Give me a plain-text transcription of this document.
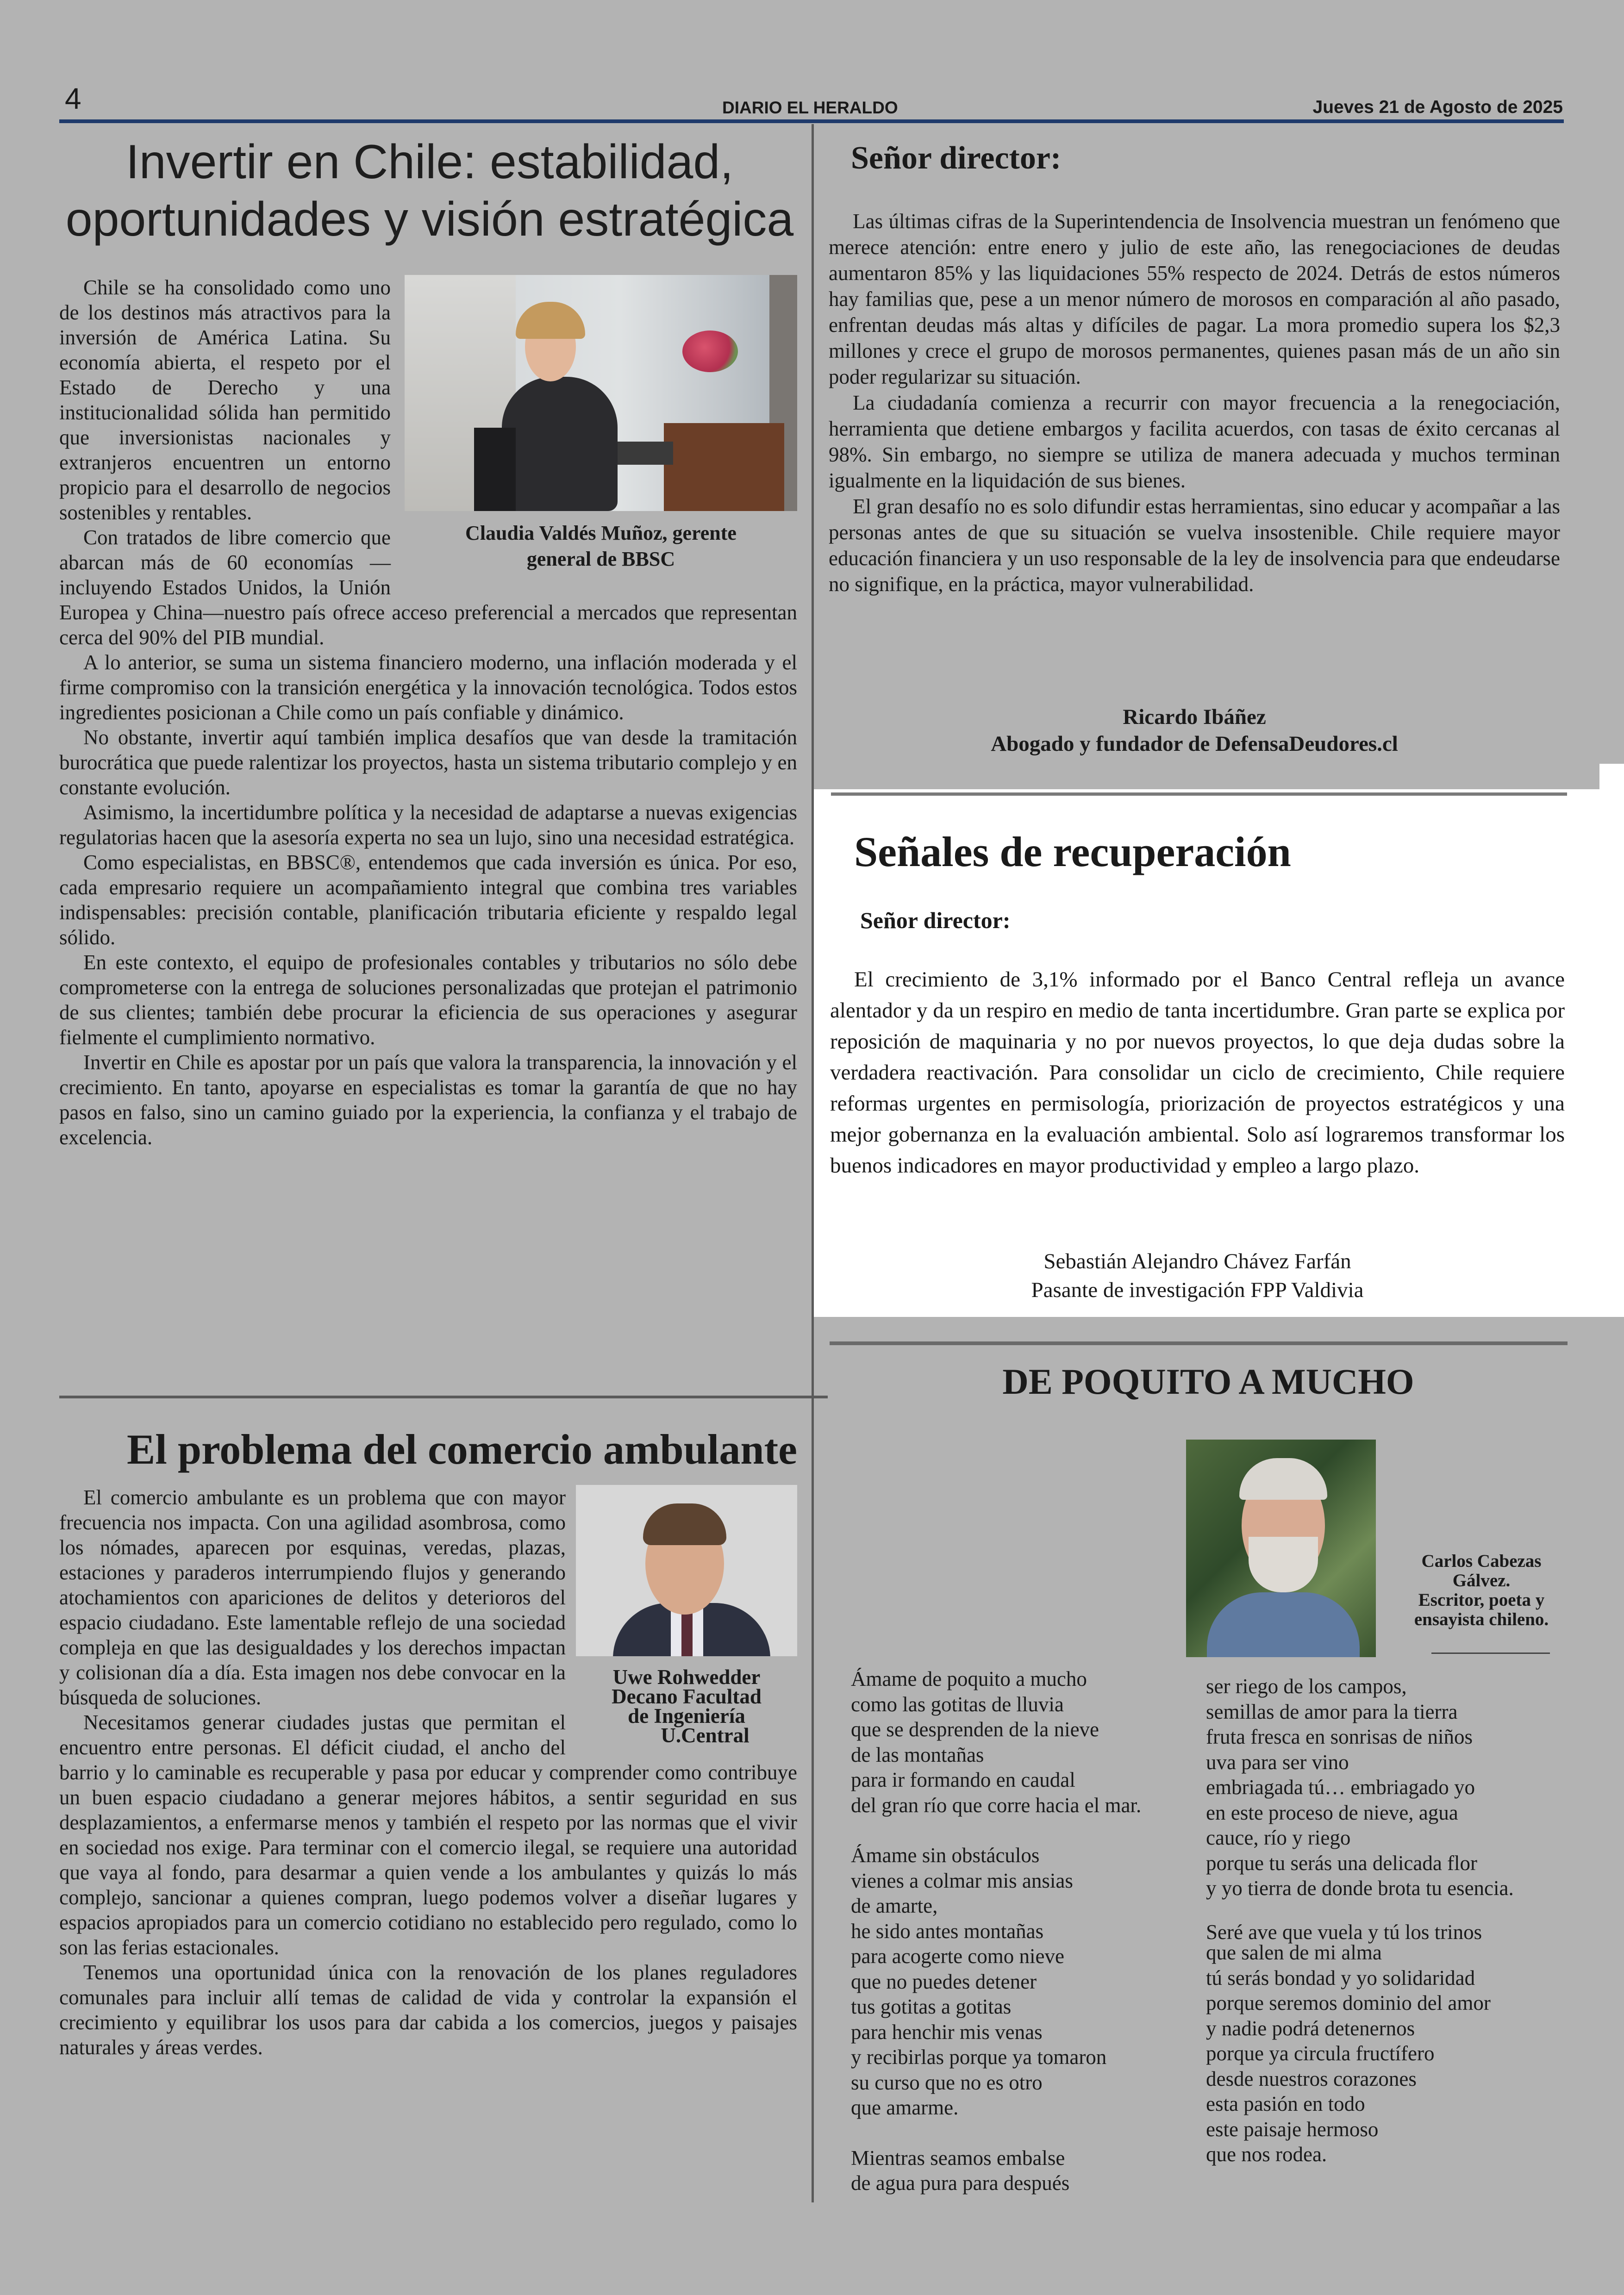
4	DIARIO EL HERALDO	Jueves 21 de Agosto de 2025
Invertir en Chile: estabilidad,
oportunidades y visión estratégica
Claudia Valdés Muñoz, gerente
general de BBSC

Chile se ha consolidado como uno de los destinos más atractivos para la inversión de América Latina. Su economía abierta, el respeto por el Estado de Derecho y una institucionalidad sólida han permitido que inversionistas nacionales y extranjeros encuentren un entorno propicio para el desarrollo de negocios sostenibles y rentables.

Con tratados de libre comercio que abarcan más de 60 economías —incluyendo Estados Unidos, la Unión Europea y China—nuestro país ofrece acceso preferencial a mercados que representan cerca del 90% del PIB mundial.

A lo anterior, se suma un sistema financiero moderno, una inflación moderada y el firme compromiso con la transición energética y la innovación tecnológica. Todos estos ingredientes posicionan a Chile como un país confiable y dinámico.

No obstante, invertir aquí también implica desafíos que van desde la tramitación burocrática que puede ralentizar los proyectos, hasta un sistema tributario complejo y en constante evolución.

Asimismo, la incertidumbre política y la necesidad de adaptarse a nuevas exigencias regulatorias hacen que la asesoría experta no sea un lujo, sino una necesidad estratégica.

Como especialistas, en BBSC®, entendemos que cada inversión es única. Por eso, cada empresario requiere un acompañamiento integral que combina tres variables indispensables: precisión contable, planificación tributaria eficiente y respaldo legal sólido.

En este contexto, el equipo de profesionales contables y tributarios no sólo debe comprometerse con la entrega de soluciones personalizadas que protejan el patrimonio de sus clientes; también debe procurar la eficiencia de sus operaciones y asegurar fielmente el cumplimiento normativo.

Invertir en Chile es apostar por un país que valora la transparencia, la innovación y el crecimiento. En tanto, apoyarse en especialistas es tomar la garantía de que no hay pasos en falso, sino un camino guiado por la experiencia, la confianza y el trabajo de excelencia.

El problema del comercio ambulante
Uwe Rohwedder
Decano Facultad
de Ingeniería
U.Central

El comercio ambulante es un problema que con mayor frecuencia nos impacta. Con una agilidad asombrosa, como los nómades, aparecen por esquinas, veredas, plazas, estaciones y paraderos interrumpiendo flujos y generando atochamientos con apariciones de delitos y deterioros del espacio ciudadano. Este lamentable reflejo de una sociedad compleja en que las desigualdades y los derechos impactan y colisionan día a día. Esta imagen nos debe convocar en la búsqueda de soluciones.

Necesitamos generar ciudades justas que permitan el encuentro entre personas. El déficit ciudad, el ancho del barrio y lo caminable es recuperable y pasa por educar y comprender como contribuye un buen espacio ciudadano a generar mejores hábitos, a sentir seguridad en sus desplazamientos, a enfermarse menos y también el respeto por las normas que el vivir en sociedad nos exige. Para terminar con el comercio ilegal, se requiere una autoridad que vaya al fondo, para desarmar a quien vende a los ambulantes y quizás lo más complejo, sancionar a quienes compran, luego podemos volver a diseñar lugares y espacios apropiados para un comercio cotidiano no establecido pero regulado, como lo son las ferias estacionales.

Tenemos una oportunidad única con la renovación de los planes reguladores comunales para incluir allí temas de calidad de vida y controlar la expansión el crecimiento y equilibrar los usos para dar cabida a los comercios, juegos y paisajes naturales y áreas verdes.

Señor director:

Las últimas cifras de la Superintendencia de Insolvencia muestran un fenómeno que merece atención: entre enero y julio de este año, las renegociaciones de deudas aumentaron 85% y las liquidaciones 55% respecto de 2024. Detrás de estos números hay familias que, pese a un menor número de morosos en comparación al año pasado, enfrentan deudas más altas y difíciles de pagar. La mora promedio supera los $2,3 millones y crece el grupo de morosos permanentes, quienes pasan más de un año sin poder regularizar su situación.

La ciudadanía comienza a recurrir con mayor frecuencia a la renegociación, herramienta que detiene embargos y facilita acuerdos, con tasas de éxito cercanas al 98%. Sin embargo, no siempre se utiliza de manera adecuada y muchos terminan igualmente en la liquidación de sus bienes.

El gran desafío no es solo difundir estas herramientas, sino educar y acompañar a las personas antes de que su situación se vuelva insostenible. Chile requiere mayor educación financiera y un uso responsable de la ley de insolvencia para que endeudarse no signifique, en la práctica, mayor vulnerabilidad.

Ricardo Ibáñez
Abogado y fundador de DefensaDeudores.cl
Señales de recuperación
Señor director:

El crecimiento de 3,1% informado por el Banco Central refleja un avance alentador y da un respiro en medio de tanta incertidumbre. Gran parte se explica por reposición de maquinaria y no por nuevos proyectos, lo que deja dudas sobre la verdadera reactivación. Para consolidar un ciclo de crecimiento, Chile requiere reformas urgentes en permisología, priorización de proyectos estratégicos y una mejor gobernanza en la evaluación ambiental. Solo así lograremos transformar los buenos indicadores en mayor productividad y empleo a largo plazo.

Sebastián Alejandro Chávez Farfán
Pasante de investigación FPP Valdivia
DE POQUITO A MUCHO
Carlos Cabezas
Gálvez.
Escritor, poeta y
ensayista chileno.

Ámame de poquito a mucho

como las gotitas de lluvia

que se desprenden de la nieve

de las montañas

para ir formando en caudal

del gran río que corre hacia el mar.

Ámame sin obstáculos

vienes a colmar mis ansias

de amarte,

he sido antes montañas

para acogerte como nieve

que no puedes detener

tus gotitas a gotitas

para henchir mis venas

y recibirlas porque ya tomaron

su curso que no es otro

que amarme.

Mientras seamos embalse

de agua pura para después

ser riego de los campos,

semillas de amor para la tierra

fruta fresca en sonrisas de niños

uva para ser vino

embriagada tú… embriagado yo

en este proceso de nieve, agua

cauce, río y riego

porque tu serás una delicada flor

y yo tierra de donde brota tu esencia.

Seré ave que vuela y tú los trinos

que salen de mi alma

tú serás bondad y yo solidaridad

porque seremos dominio del amor

y nadie podrá detenernos

porque ya circula fructífero

desde nuestros corazones

esta pasión en todo

este paisaje hermoso

que nos rodea.
